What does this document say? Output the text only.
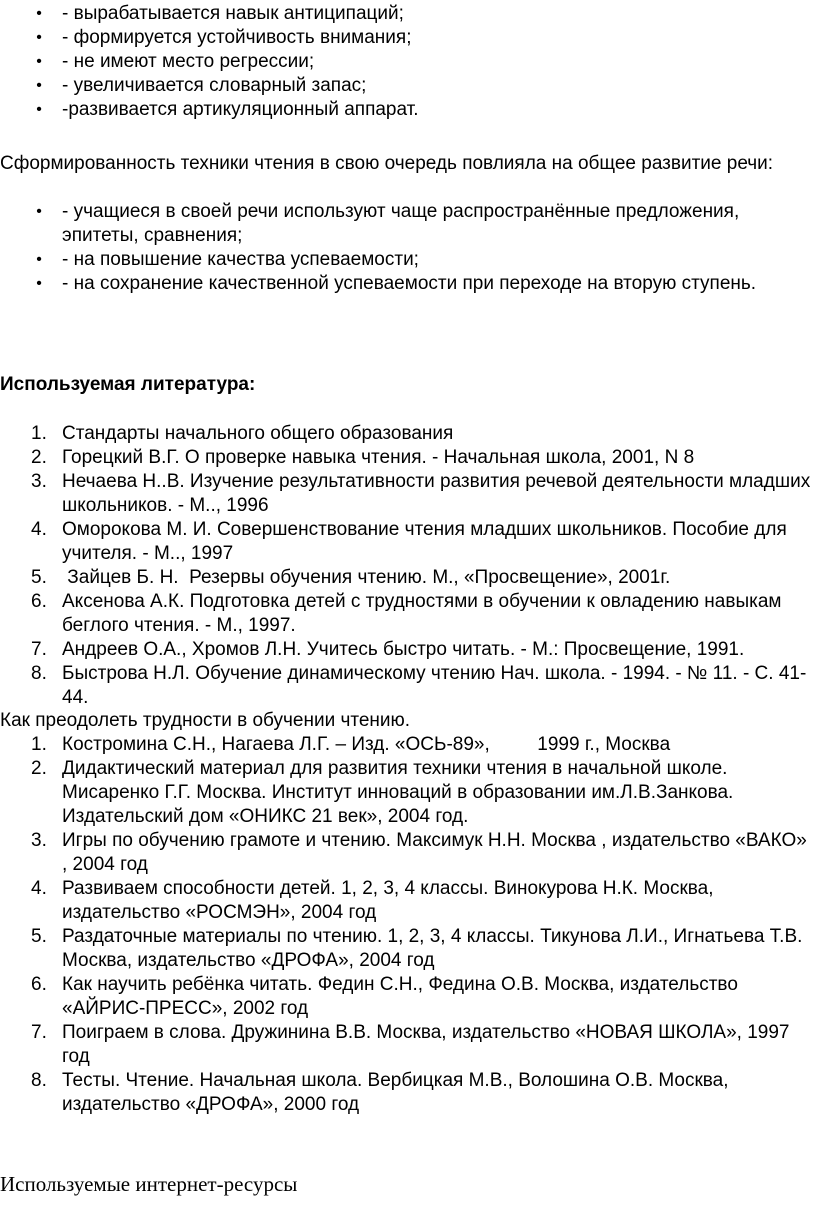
• - вырабатывается навык антиципаций;
• - формируется устойчивость внимания;
• - не имеют место регрессии;
• - увеличивается словарный запас;
• -развивается артикуляционный аппарат.

Сформированность техники чтения в свою очередь повлияла на общее развитие речи:

• - учащиеся в своей речи используют чаще распространённые предложения, эпитеты, сравнения;
• - на повышение качества успеваемости;
• - на сохранение качественной успеваемости при переходе на вторую ступень.

Используемая литература:

1. Стандарты начального общего образования
2. Горецкий В.Г. О проверке навыка чтения. - Начальная школа, 2001, N 8
3. Нечаева Н..В. Изучение результативности развития речевой деятельности младших школьников. - М.., 1996
4. Оморокова М. И. Совершенствование чтения младших школьников. Пособие для учителя. - М.., 1997
5. Зайцев Б. Н.  Резервы обучения чтению. М., «Просвещение», 2001г.
6. Аксенова А.К. Подготовка детей с трудностями в обучении к овладению навыкам беглого чтения. - М., 1997.
7. Андреев О.А., Хромов Л.Н. Учитесь быстро читать. - М.: Просвещение, 1991.
8. Быстрова Н.Л. Обучение динамическому чтению Нач. школа. - 1994. - № 11. - С. 41-44.

Как преодолеть трудности в обучении чтению.

1. Костромина С.Н., Нагаева Л.Г. – Изд. «ОСЬ-89»,         1999 г., Москва
2. Дидактический материал для развития техники чтения в начальной школе. Мисаренко Г.Г. Москва. Институт инноваций в образовании им.Л.В.Занкова. Издательский дом «ОНИКС 21 век», 2004 год.
3. Игры по обучению грамоте и чтению. Максимук Н.Н. Москва , издательство «ВАКО» , 2004 год
4. Развиваем способности детей. 1, 2, 3, 4 классы. Винокурова Н.К. Москва, издательство «РОСМЭН», 2004 год
5. Раздаточные материалы по чтению. 1, 2, 3, 4 классы. Тикунова Л.И., Игнатьева Т.В. Москва, издательство «ДРОФА», 2004 год
6. Как научить ребёнка читать. Федин С.Н., Федина О.В. Москва, издательство «АЙРИС-ПРЕСС», 2002 год
7. Поиграем в слова. Дружинина В.В. Москва, издательство «НОВАЯ ШКОЛА», 1997 год
8. Тесты. Чтение. Начальная школа. Вербицкая М.В., Волошина О.В. Москва, издательство «ДРОФА», 2000 год

Используемые интернет-ресурсы
